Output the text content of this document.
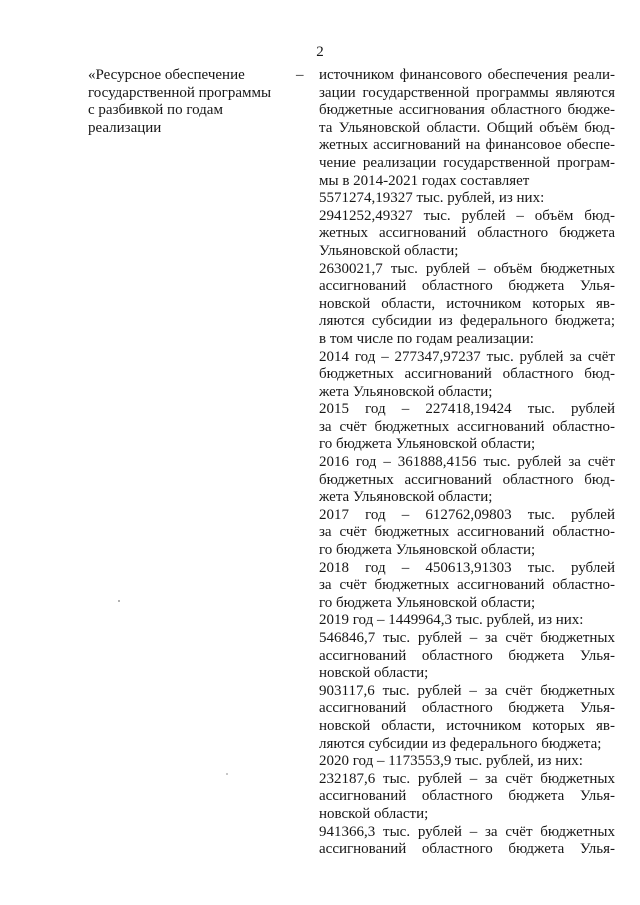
2
«Ресурсное обеспечение
государственной программы
с разбивкой по годам
реализации
– источником финансового обеспечения реали-
зации государственной программы являются
бюджетные ассигнования областного бюдже-
та Ульяновской области. Общий объём бюд-
жетных ассигнований на финансовое обеспе-
чение реализации государственной програм-
мы в 2014-2021 годах составляет
5571274,19327 тыс. рублей, из них:
2941252,49327 тыс. рублей – объём бюд-
жетных ассигнований областного бюджета
Ульяновской области;
2630021,7 тыс. рублей – объём бюджетных
ассигнований областного бюджета Улья-
новской области, источником которых яв-
ляются субсидии из федерального бюджета;
в том числе по годам реализации:
2014 год – 277347,97237 тыс. рублей за счёт
бюджетных ассигнований областного бюд-
жета Ульяновской области;
2015 год – 227418,19424 тыс. рублей
за счёт бюджетных ассигнований областно-
го бюджета Ульяновской области;
2016 год – 361888,4156 тыс. рублей за счёт
бюджетных ассигнований областного бюд-
жета Ульяновской области;
2017 год – 612762,09803 тыс. рублей
за счёт бюджетных ассигнований областно-
го бюджета Ульяновской области;
2018 год – 450613,91303 тыс. рублей
за счёт бюджетных ассигнований областно-
го бюджета Ульяновской области;
2019 год – 1449964,3 тыс. рублей, из них:
546846,7 тыс. рублей – за счёт бюджетных
ассигнований областного бюджета Улья-
новской области;
903117,6 тыс. рублей – за счёт бюджетных
ассигнований областного бюджета Улья-
новской области, источником которых яв-
ляются субсидии из федерального бюджета;
2020 год – 1173553,9 тыс. рублей, из них:
232187,6 тыс. рублей – за счёт бюджетных
ассигнований областного бюджета Улья-
новской области;
941366,3 тыс. рублей – за счёт бюджетных
ассигнований областного бюджета Улья-
